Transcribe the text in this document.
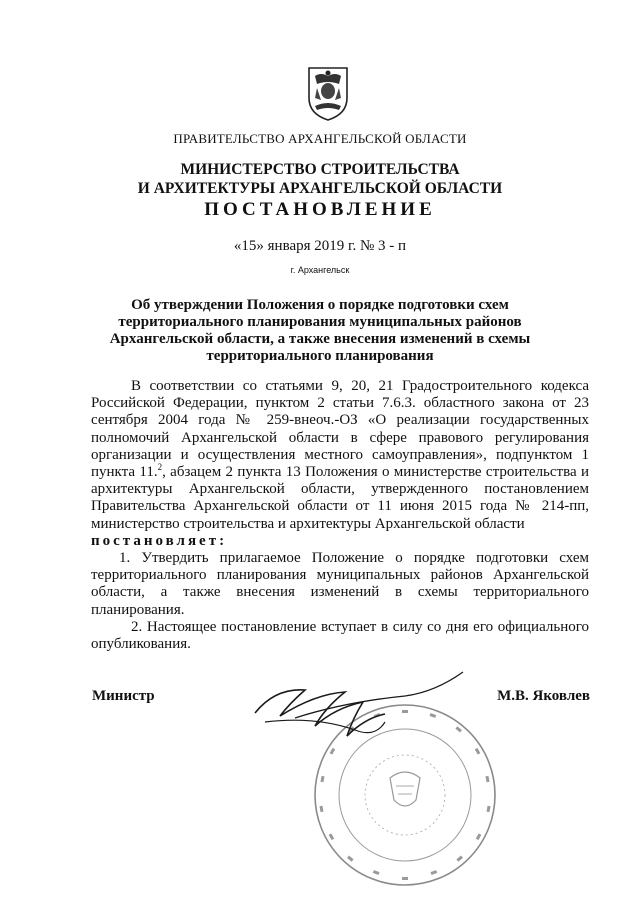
ПРАВИТЕЛЬСТВО АРХАНГЕЛЬСКОЙ ОБЛАСТИ
МИНИСТЕРСТВО СТРОИТЕЛЬСТВА
И АРХИТЕКТУРЫ АРХАНГЕЛЬСКОЙ ОБЛАСТИ
ПОСТАНОВЛЕНИЕ
«15» января 2019 г. № 3 - п
г. Архангельск
Об утверждении Положения о порядке подготовки схем
территориального планирования муниципальных районов
Архангельской области, а также внесения изменений в схемы
территориального планирования

В соответствии со статьями 9, 20, 21 Градостроительного кодекса Российской Федерации, пунктом 2 статьи 7.6.3. областного закона от 23 сентября 2004 года № 259-внеоч.-ОЗ «О реализации государственных полномочий Архангельской области в сфере правового регулирования организации и осуществления местного самоуправления», подпунктом 1 пункта 11.$^2$, абзацем 2 пункта 13 Положения о министерстве строительства и архитектуры Архангельской области, утвержденного постановлением Правительства Архангельской области от 11 июня 2015 года № 214-пп, министерство строительства и архитектуры Архангельской области

постановляет:

1. Утвердить прилагаемое Положение о порядке подготовки схем территориального планирования муниципальных районов Архангельской области, а также внесения изменений в схемы территориального планирования.

2. Настоящее постановление вступает в силу со дня его официального опубликования.

Министр	М.В. Яковлев
